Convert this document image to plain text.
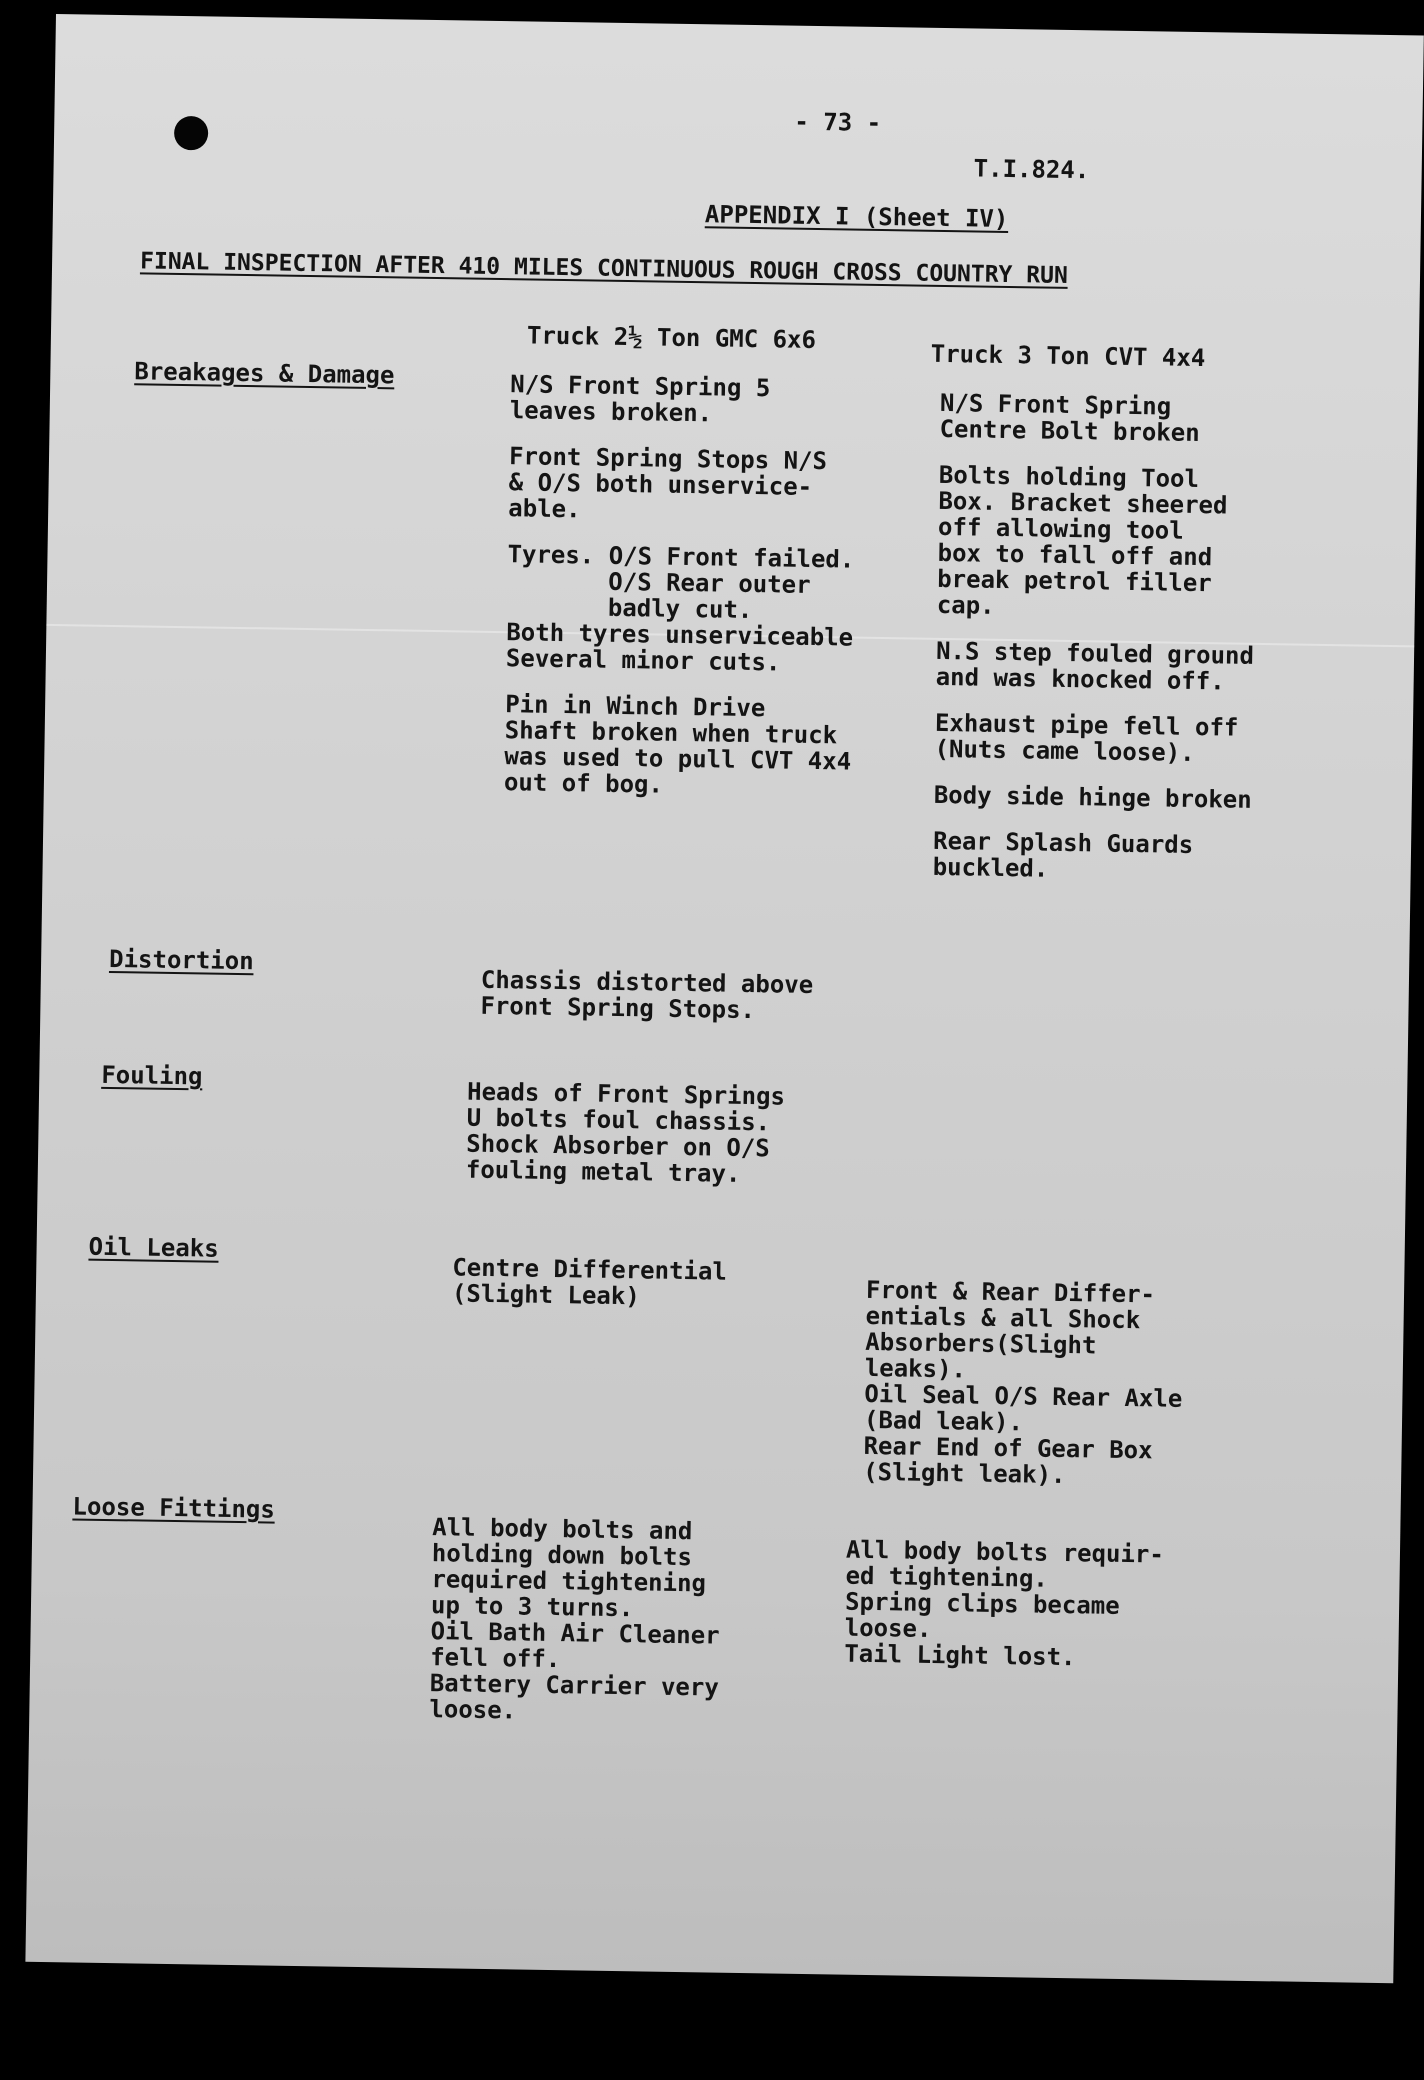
- 73 -
T.I.824.
APPENDIX I (Sheet IV)
FINAL INSPECTION AFTER 410 MILES CONTINUOUS ROUGH CROSS COUNTRY RUN
Truck 2½ Ton GMC 6x6
Truck 3 Ton CVT 4x4
Breakages & Damage	N/S Front Spring 5
leaves broken.
Front Spring Stops N/S
& O/S both unservice-
able.
Tyres. O/S Front failed.
O/S Rear outer
badly cut.
Both tyres unserviceable
Several minor cuts.
Pin in Winch Drive
Shaft broken when truck
was used to pull CVT 4x4
out of bog.
N/S Front Spring
Centre Bolt broken
Bolts holding Tool
Box. Bracket sheered
off allowing tool
box to fall off and
break petrol filler
cap.
N.S step fouled ground
and was knocked off.
Exhaust pipe fell off
(Nuts came loose).
Body side hinge broken
Rear Splash Guards
buckled.
Distortion
Chassis distorted above
Front Spring Stops.
Fouling
Heads of Front Springs
U bolts foul chassis.
Shock Absorber on O/S
fouling metal tray.
Oil Leaks
Centre Differential
(Slight Leak)	Front & Rear Differ-
entials & all Shock
Absorbers(Slight
leaks).
Oil Seal O/S Rear Axle
(Bad leak).
Rear End of Gear Box
(Slight leak).
Loose Fittings
All body bolts and
holding down bolts
required tightening
up to 3 turns.
Oil Bath Air Cleaner
fell off.
Battery Carrier very
loose.
All body bolts requir-
ed tightening.
Spring clips became
loose.
Tail Light lost.
